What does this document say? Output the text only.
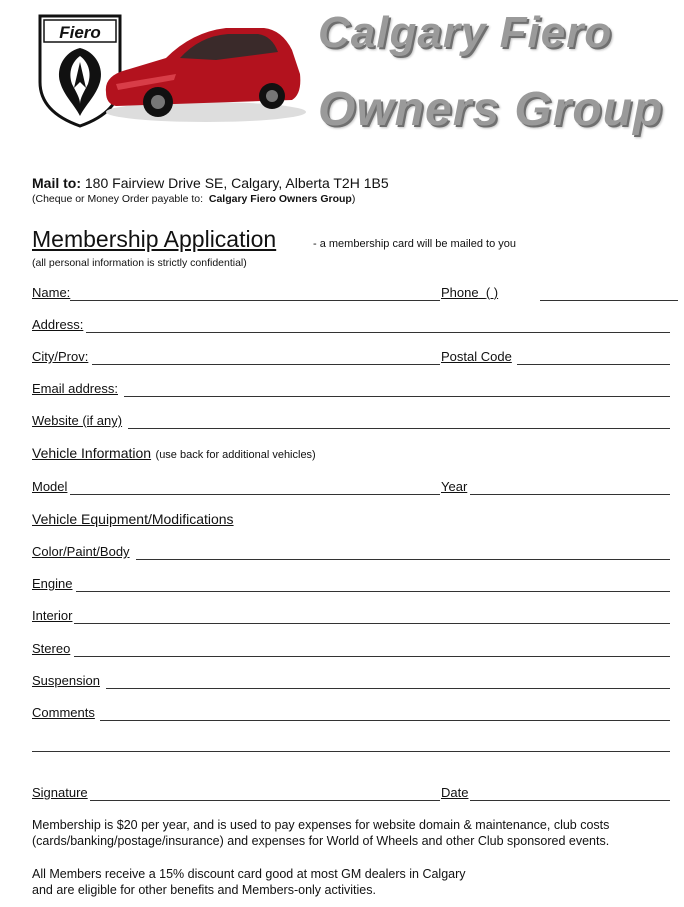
Fiero	Calgary Fiero
Owners Group
Mail to: 180 Fairview Drive SE, Calgary, Alberta T2H 1B5
(Cheque or Money Order payable to: Calgary Fiero Owners Group)
Membership Application	- a membership card will be mailed to you
(all personal information is strictly confidential)
Name:	Phone ( )
Address:
City/Prov:	Postal Code
Email address:
Website (if any)
Vehicle Information (use back for additional vehicles)
Model	Year
Vehicle Equipment/Modifications
Color/Paint/Body
Engine
Interior
Stereo
Suspension
Comments
Signature	Date
Membership is $20 per year, and is used to pay expenses for website domain & maintenance, club costs (cards/banking/postage/insurance) and expenses for World of Wheels and other Club sponsored events.
All Members receive a 15% discount card good at most GM dealers in Calgary and are eligible for other benefits and Members-only activities.
